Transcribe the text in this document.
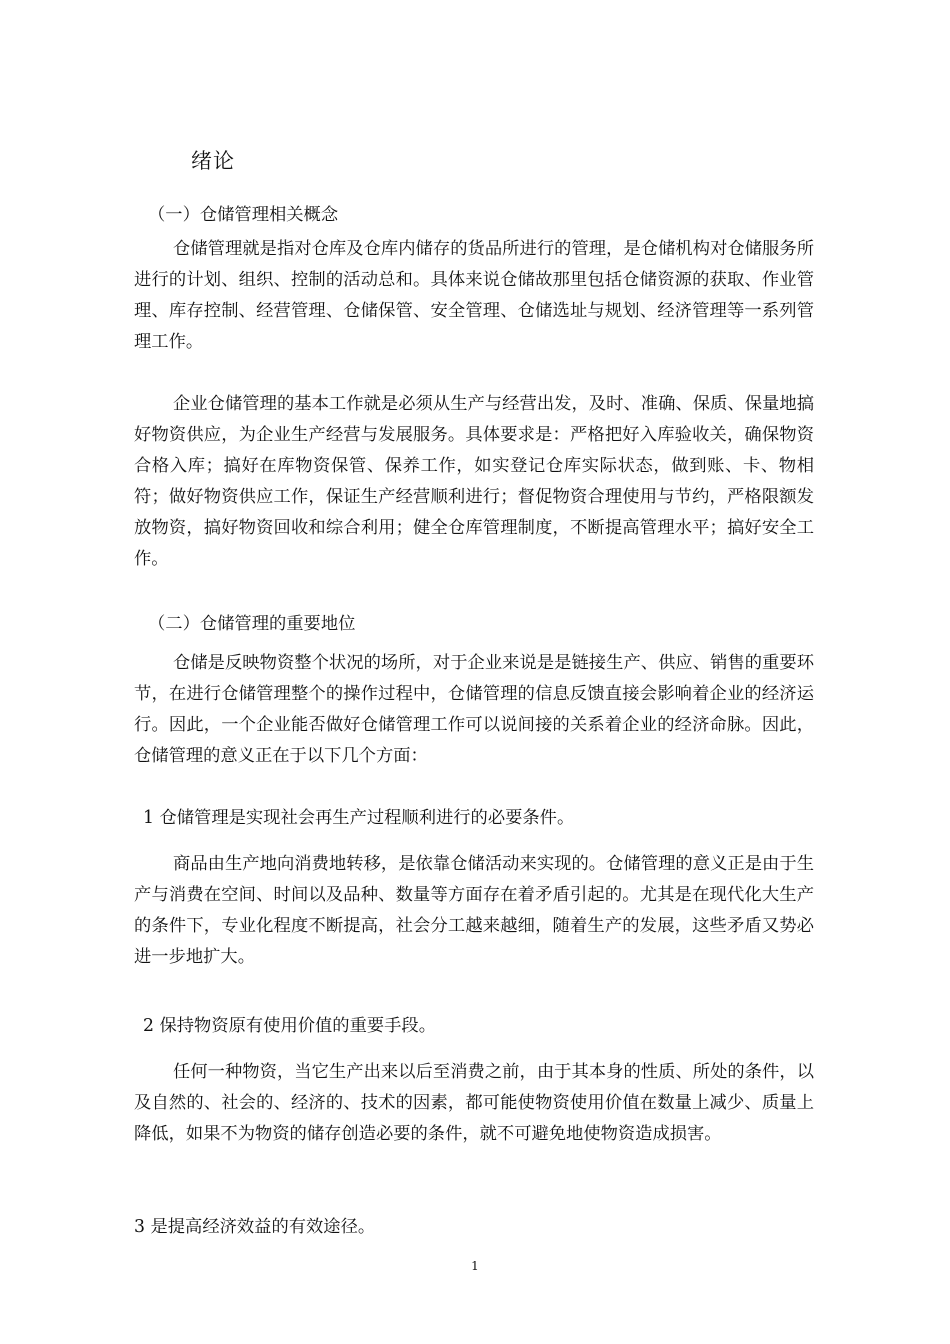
绪论
（一）仓储管理相关概念

仓储管理就是指对仓库及仓库内储存的货品所进行的管理，是仓储机构对仓储服务所进行的计划、组织、控制的活动总和。具体来说仓储故那里包括仓储资源的获取、作业管理、库存控制、经营管理、仓储保管、安全管理、仓储选址与规划、经济管理等一系列管理工作。

企业仓储管理的基本工作就是必须从生产与经营出发，及时、准确、保质、保量地搞好物资供应，为企业生产经营与发展服务。具体要求是：严格把好入库验收关，确保物资合格入库；搞好在库物资保管、保养工作，如实登记仓库实际状态，做到账、卡、物相符；做好物资供应工作，保证生产经营顺利进行；督促物资合理使用与节约，严格限额发放物资，搞好物资回收和综合利用；健全仓库管理制度，不断提高管理水平；搞好安全工作。

（二）仓储管理的重要地位

仓储是反映物资整个状况的场所，对于企业来说是是链接生产、供应、销售的重要环节，在进行仓储管理整个的操作过程中，仓储管理的信息反馈直接会影响着企业的经济运行。因此，一个企业能否做好仓储管理工作可以说间接的关系着企业的经济命脉。因此，仓储管理的意义正在于以下几个方面：

1 仓储管理是实现社会再生产过程顺利进行的必要条件。

商品由生产地向消费地转移，是依靠仓储活动来实现的。仓储管理的意义正是由于生产与消费在空间、时间以及品种、数量等方面存在着矛盾引起的。尤其是在现代化大生产的条件下，专业化程度不断提高，社会分工越来越细，随着生产的发展，这些矛盾又势必进一步地扩大。

2 保持物资原有使用价值的重要手段。

任何一种物资，当它生产出来以后至消费之前，由于其本身的性质、所处的条件，以及自然的、社会的、经济的、技术的因素，都可能使物资使用价值在数量上减少、质量上降低，如果不为物资的储存创造必要的条件，就不可避免地使物资造成损害。

3 是提高经济效益的有效途径。
1
